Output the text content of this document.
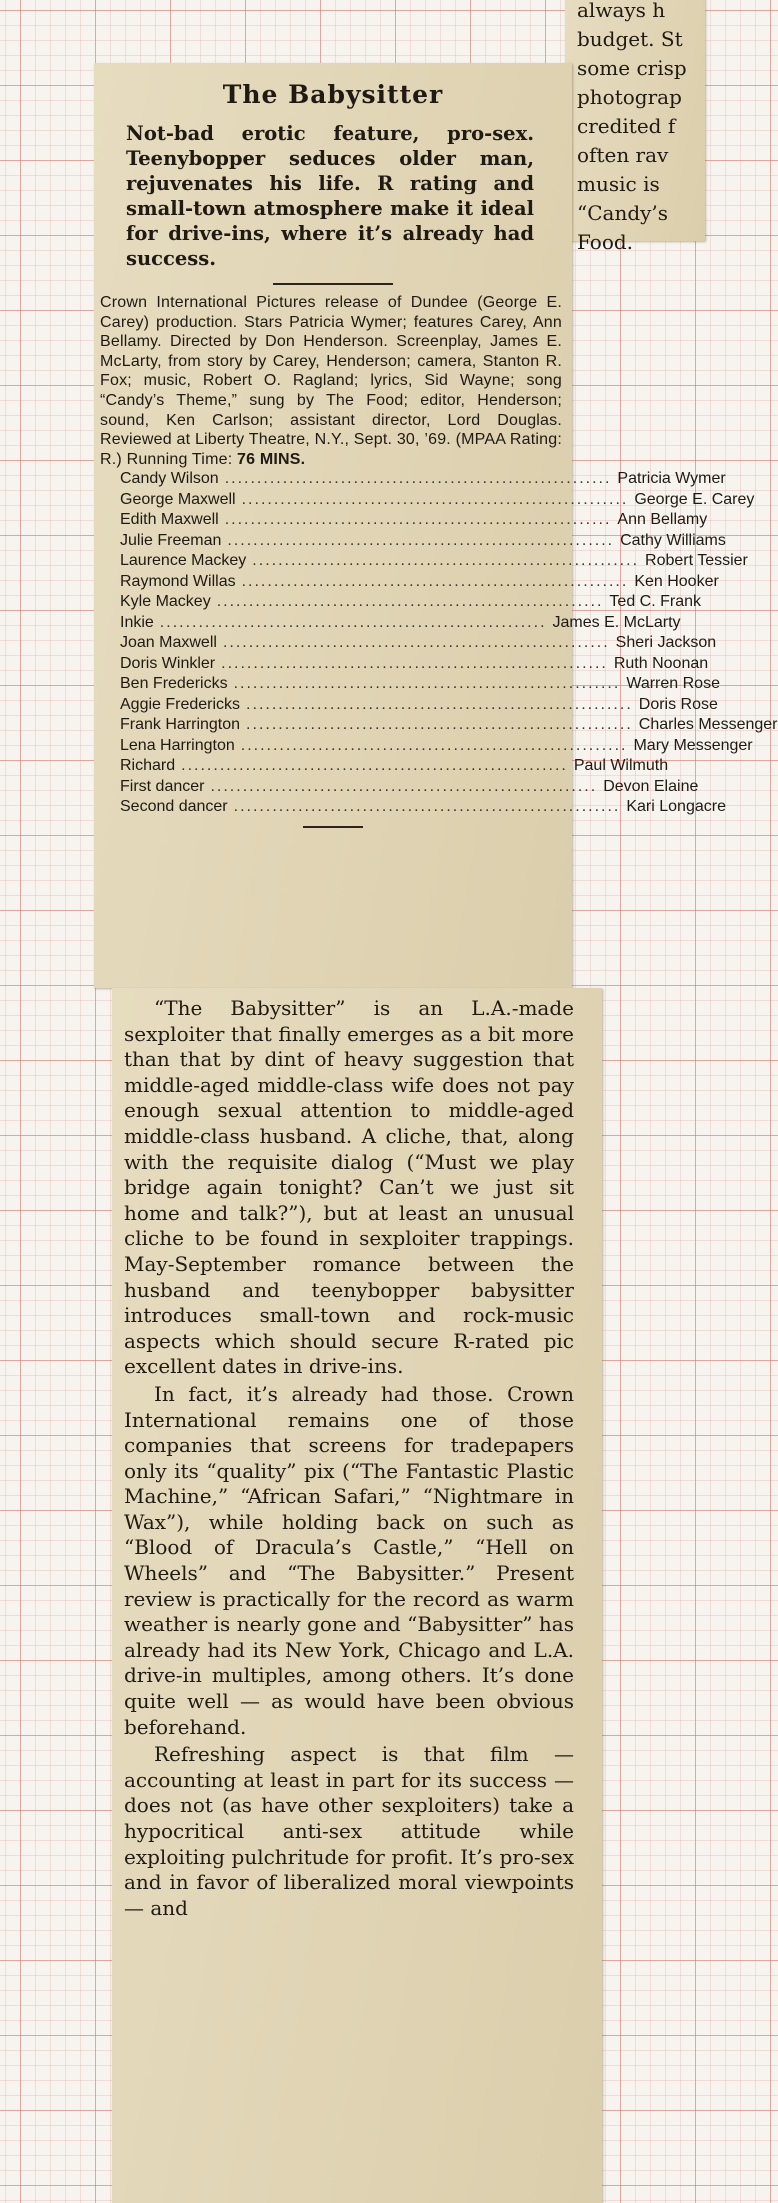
always h
budget. St
some crisp
photograp
credited f
often rav
music is
“Candy’s
Food.
The Babysitter
Not-bad erotic feature, pro-sex. Teenybopper seduces older man, rejuvenates his life. R rating and small-town atmosphere make it ideal for drive-ins, where it’s already had success.
Crown International Pictures release of Dundee (George E. Carey) production. Stars Patricia Wymer; features Carey, Ann Bellamy. Directed by Don Henderson. Screenplay, James E. McLarty, from story by Carey, Henderson; camera, Stanton R. Fox; music, Robert O. Ragland; lyrics, Sid Wayne; song “Candy’s Theme,” sung by The Food; editor, Henderson; sound, Ken Carlson; assistant director, Lord Douglas. Reviewed at Liberty Theatre, N.Y., Sept. 30, ’69. (MPAA Rating: R.) Running Time: 76 MINS.
Candy Wilson ............................................................ Patricia Wymer
George Maxwell ............................................................ George E. Carey
Edith Maxwell ............................................................ Ann Bellamy
Julie Freeman ............................................................ Cathy Williams
Laurence Mackey ............................................................ Robert Tessier
Raymond Willas ............................................................ Ken Hooker
Kyle Mackey ............................................................ Ted C. Frank
Inkie ............................................................ James E. McLarty
Joan Maxwell ............................................................ Sheri Jackson
Doris Winkler ............................................................ Ruth Noonan
Ben Fredericks ............................................................ Warren Rose
Aggie Fredericks ............................................................ Doris Rose
Frank Harrington ............................................................ Charles Messenger
Lena Harrington ............................................................ Mary Messenger
Richard ............................................................ Paul Wilmuth
First dancer ............................................................ Devon Elaine
Second dancer ............................................................ Kari Longacre

“The Babysitter” is an L.A.-made sexploiter that finally emerges as a bit more than that by dint of heavy suggestion that middle-aged middle-class wife does not pay enough sexual attention to middle-aged middle-class husband. A cliche, that, along with the requisite dialog (“Must we play bridge again tonight? Can’t we just sit home and talk?”), but at least an unusual cliche to be found in sexploiter trappings. May-September romance between the husband and teenybopper babysitter introduces small-town and rock-music aspects which should secure R-rated pic excellent dates in drive-ins.

In fact, it’s already had those. Crown International remains one of those companies that screens for tradepapers only its “quality” pix (“The Fantastic Plastic Machine,” “African Safari,” “Nightmare in Wax”), while holding back on such as “Blood of Dracula’s Castle,” “Hell on Wheels” and “The Babysitter.” Present review is practically for the record as warm weather is nearly gone and “Babysitter” has already had its New York, Chicago and L.A. drive-in multiples, among others. It’s done quite well — as would have been obvious beforehand.

Refreshing aspect is that film — accounting at least in part for its success — does not (as have other sexploiters) take a hypocritical anti-sex attitude while exploiting pulchritude for profit. It’s pro-sex and in favor of liberalized moral viewpoints — and
